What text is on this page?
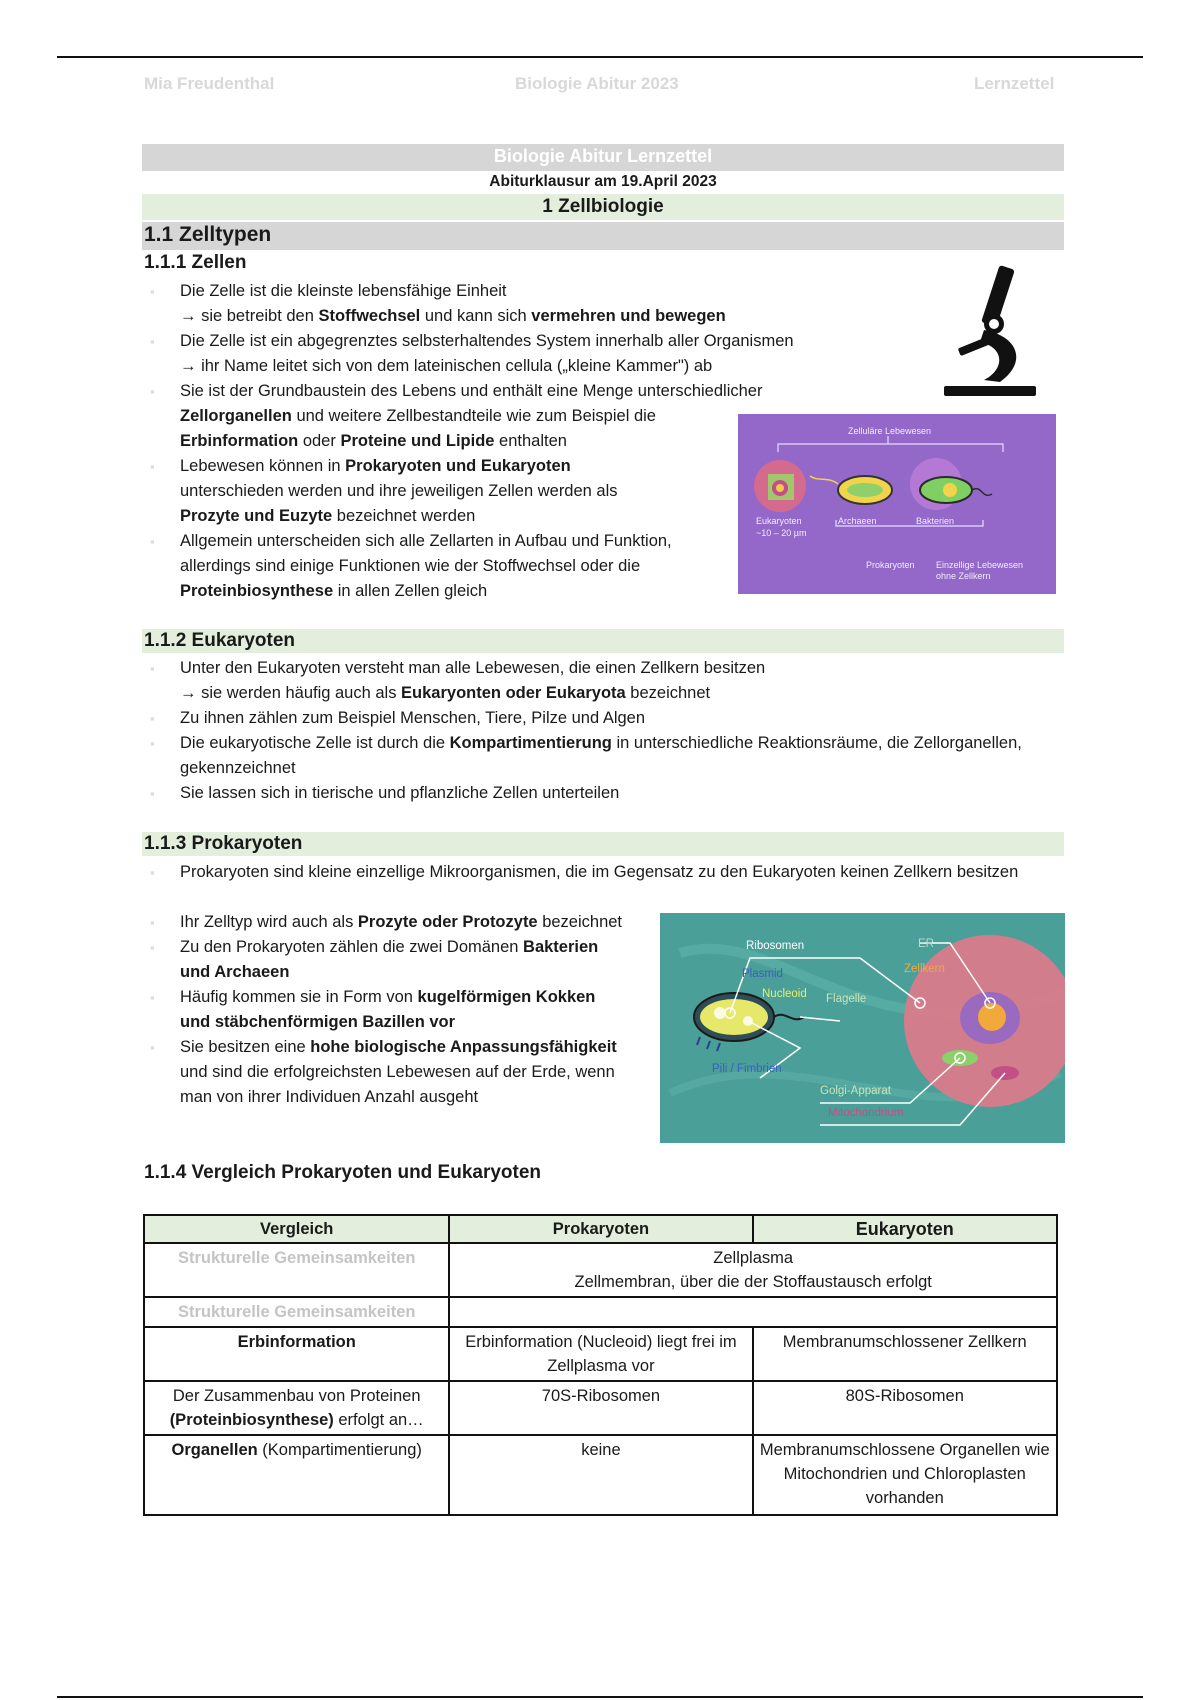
Mia Freudenthal	Biologie Abitur 2023	Lernzettel
Biologie Abitur Lernzettel
Abiturklausur am 19.April 2023
1 Zellbiologie
1.1 Zelltypen
1.1.1 Zellen
▪ Die Zelle ist die kleinste lebensfähige Einheit
→ sie betreibt den Stoffwechsel und kann sich vermehren und bewegen
▪ Die Zelle ist ein abgegrenztes selbsterhaltendes System innerhalb aller Organismen
→ ihr Name leitet sich von dem lateinischen cellula („kleine Kammer") ab
▪ Sie ist der Grundbaustein des Lebens und enthält eine Menge unterschiedlicher
Zellorganellen und weitere Zellbestandteile wie zum Beispiel die
Erbinformation oder Proteine und Lipide enthalten
▪ Lebewesen können in Prokaryoten und Eukaryoten
unterschieden werden und ihre jeweiligen Zellen werden als
Prozyte und Euzyte bezeichnet werden
▪ Allgemein unterscheiden sich alle Zellarten in Aufbau und Funktion, allerdings sind einige Funktionen wie der Stoffwechsel oder die Proteinbiosynthese in allen Zellen gleich
Zelluläre Lebewesen
Eukaryoten
~10 – 20 µm
Archaeen	Bakterien
Prokaryoten Einzellige Lebewesen
ohne Zellkern
1.1.2 Eukaryoten
▪ Unter den Eukaryoten versteht man alle Lebewesen, die einen Zellkern besitzen
→ sie werden häufig auch als Eukaryonten oder Eukaryota bezeichnet
▪ Zu ihnen zählen zum Beispiel Menschen, Tiere, Pilze und Algen
▪ Die eukaryotische Zelle ist durch die Kompartimentierung in unterschiedliche Reaktionsräume, die Zellorganellen, gekennzeichnet
▪ Sie lassen sich in tierische und pflanzliche Zellen unterteilen
1.1.3 Prokaryoten
▪ Prokaryoten sind kleine einzellige Mikroorganismen, die im Gegensatz zu den Eukaryoten keinen Zellkern besitzen
▪ Ihr Zelltyp wird auch als Prozyte oder Protozyte bezeichnet
▪ Zu den Prokaryoten zählen die zwei Domänen Bakterien und Archaeen
▪ Häufig kommen sie in Form von kugelförmigen Kokken und stäbchenförmigen Bazillen vor
▪ Sie besitzen eine hohe biologische Anpassungsfähigkeit und sind die erfolgreichsten Lebewesen auf der Erde, wenn man von ihrer Individuen Anzahl ausgeht
Ribosomen
Plasmid
Nucleoid Flagelle
Pili / Fimbrien
ER
Zellkern
Golgi-Apparat
Mitochondrium
1.1.4 Vergleich Prokaryoten und Eukaryoten
Vergleich	Prokaryoten	Eukaryoten
Strukturelle Gemeinsamkeiten	Zellplasma
Zellmembran, über die der Stoffaustausch erfolgt	
Strukturelle Gemeinsamkeiten		
Erbinformation	Erbinformation (Nucleoid) liegt frei im Zellplasma vor	Membranumschlossener Zellkern
Der Zusammenbau von Proteinen
(Proteinbiosynthese) erfolgt an…	70S-Ribosomen	80S-Ribosomen
Organellen (Kompartimentierung)	keine	Membranumschlossene Organellen wie Mitochondrien und Chloroplasten vorhanden
